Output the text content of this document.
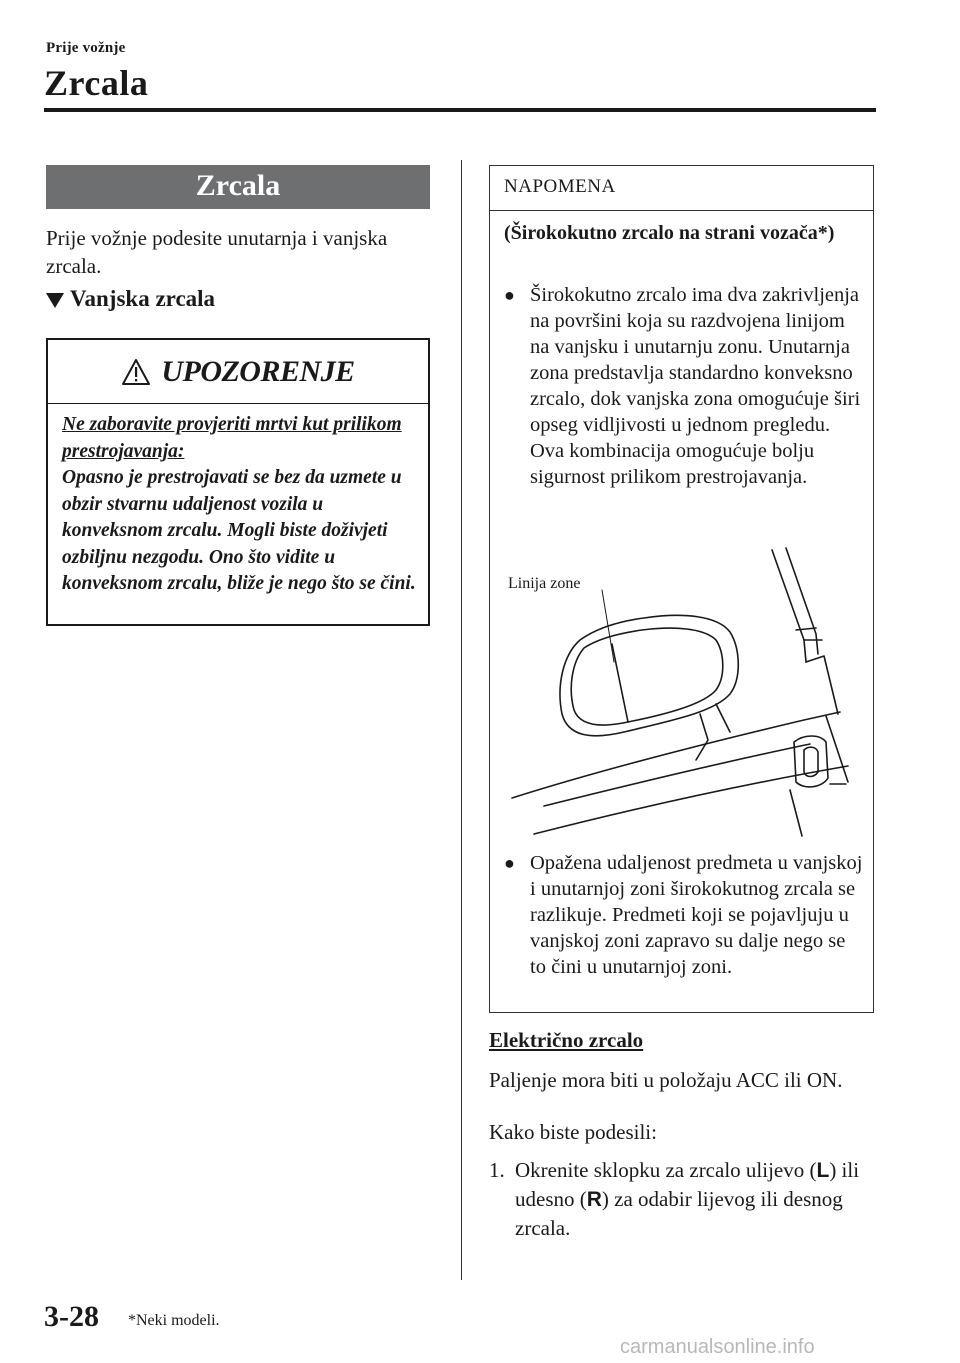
Prije vožnje
Zrcala
Zrcala
Prije vožnje podesite unutarnja i vanjska zrcala.
Vanjska zrcala
UPOZORENJE
Ne zaboravite provjeriti mrtvi kut prilikom prestrojavanja:
Opasno je prestrojavati se bez da uzmete u obzir stvarnu udaljenost vozila u konveksnom zrcalu. Mogli biste doživjeti ozbiljnu nezgodu. Ono što vidite u konveksnom zrcalu, bliže je nego što se čini.
NAPOMENA
(Širokokutno zrcalo na strani vozača*)
● Širokokutno zrcalo ima dva zakrivljenja na površini koja su razdvojena linijom na vanjsku i unutarnju zonu. Unutarnja zona predstavlja standardno konveksno zrcalo, dok vanjska zona omogućuje širi opseg vidljivosti u jednom pregledu. Ova kombinacija omogućuje bolju sigurnost prilikom prestrojavanja.
Linija zone
● Opažena udaljenost predmeta u vanjskoj i unutarnjoj zoni širokokutnog zrcala se razlikuje. Predmeti koji se pojavljuju u vanjskoj zoni zapravo su dalje nego se to čini u unutarnjoj zoni.
Električno zrcalo
Paljenje mora biti u položaju ACC ili ON.
Kako biste podesili:
1. Okrenite sklopku za zrcalo ulijevo (L) ili udesno (R) za odabir lijevog ili desnog zrcala.
3-28 *Neki modeli.
carmanualsonline.info
